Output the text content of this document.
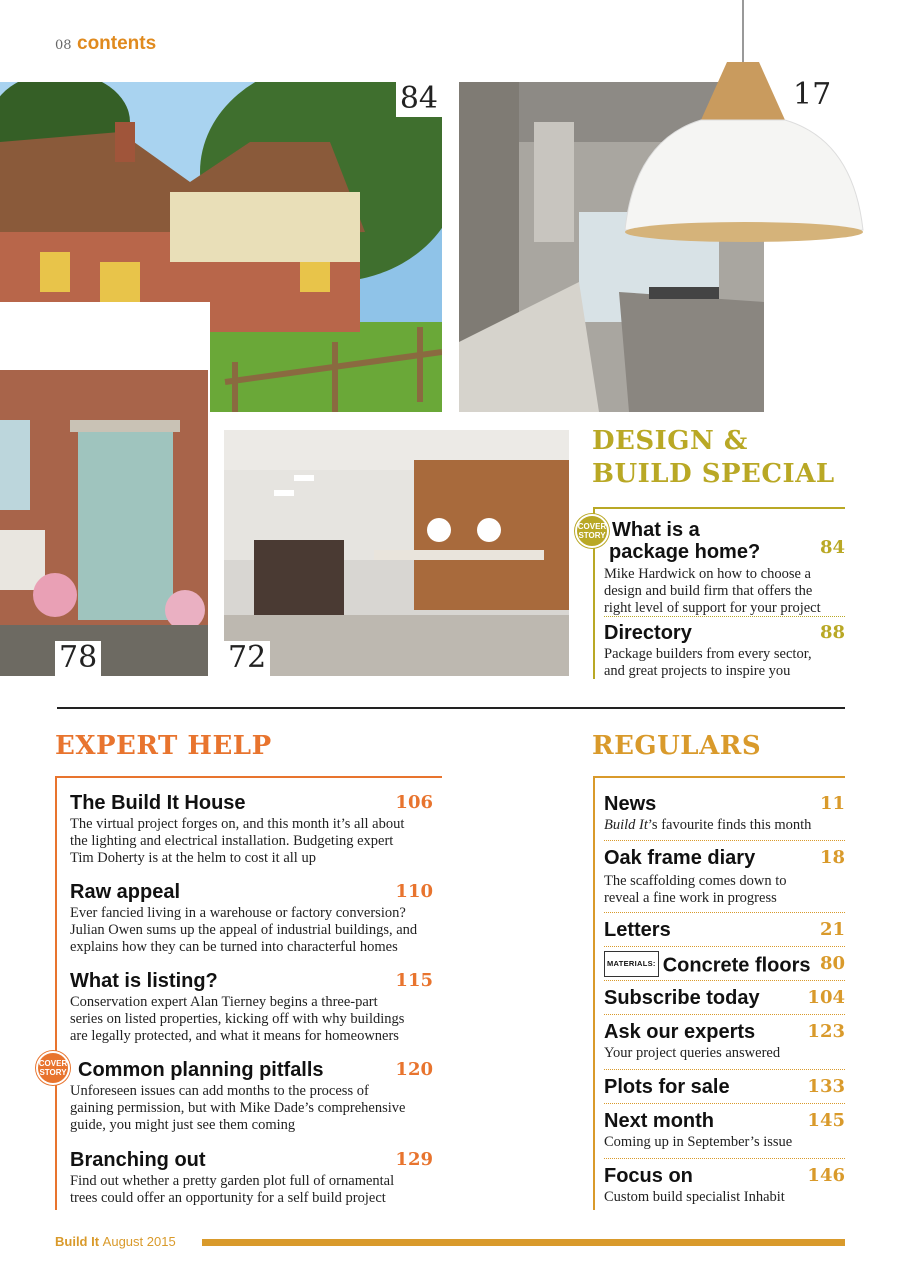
08 contents
84	17
78	72
DESIGN &
BUILD SPECIAL
COVER
STORY What is a
package home?	84
Mike Hardwick on how to choose a
design and build firm that offers the
right level of support for your project
Directory	88
Package builders from every sector,
and great projects to inspire you
EXPERT HELP
The Build It House	106
The virtual project forges on, and this month it’s all about
the lighting and electrical installation. Budgeting expert
Tim Doherty is at the helm to cost it all up
Raw appeal	110
Ever fancied living in a warehouse or factory conversion?
Julian Owen sums up the appeal of industrial buildings, and
explains how they can be turned into characterful homes
What is listing?	115
Conservation expert Alan Tierney begins a three-part
series on listed properties, kicking off with why buildings
are legally protected, and what it means for homeowners
COVER
STORY Common planning pitfalls	120
Unforeseen issues can add months to the process of
gaining permission, but with Mike Dade’s comprehensive
guide, you might just see them coming
Branching out	129
Find out whether a pretty garden plot full of ornamental
trees could offer an opportunity for a self build project
REGULARS
News	11
Build It’s favourite finds this month
Oak frame diary	18
The scaffolding comes down to
reveal a fine work in progress
Letters	21
MATERIALS: Concrete floors 80
Subscribe today	104
Ask our experts	123
Your project queries answered
Plots for sale	133
Next month	145
Coming up in September’s issue
Focus on	146
Custom build specialist Inhabit
Build It August 2015
